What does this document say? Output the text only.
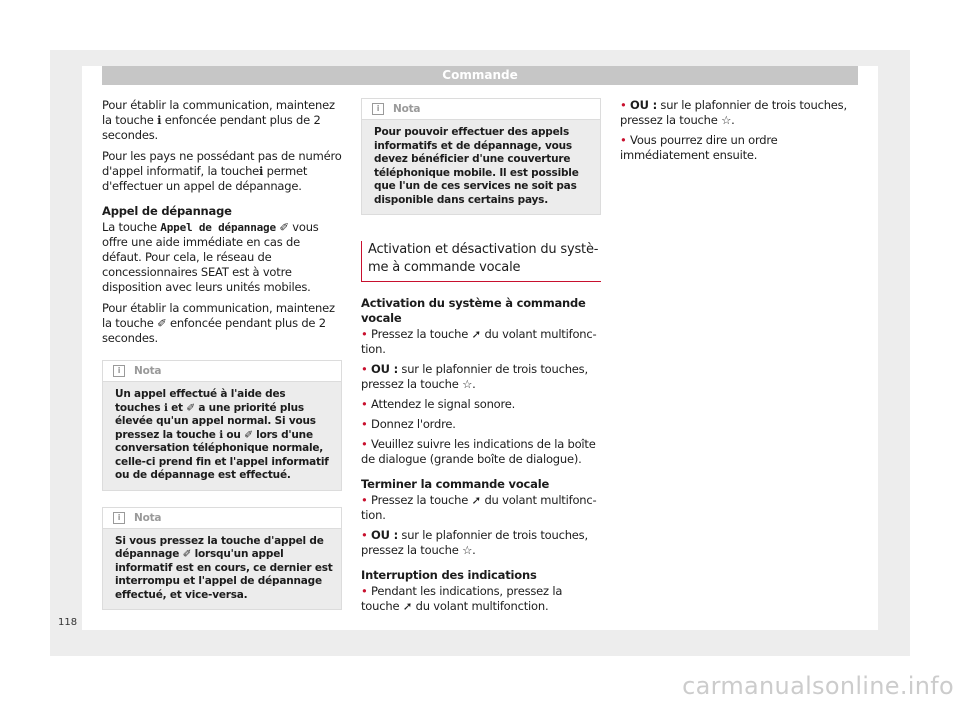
Commande

Pour établir la communication, maintenez la touche ℹ enfoncée pendant plus de 2 secondes.

Pour les pays ne possédant pas de numéro d'appel informatif, la toucheℹ permet d'effectuer un appel de dépannage.

Appel de dépannage

La touche Appel de dépannage ✐ vous offre une aide immédiate en cas de défaut. Pour cela, le réseau de concessionnaires SEAT est à votre disposition avec leurs unités mobiles.

Pour établir la communication, maintenez la touche ✐ enfoncée pendant plus de 2 secondes.

i Nota
Un appel effectué à l'aide des touches ℹ et ✐ a une priorité plus élevée qu'un appel normal. Si vous pressez la touche ℹ ou ✐ lors d'une conversation téléphonique normale, celle-ci prend fin et l'appel informatif ou de dépannage est effectué.
i Nota
Si vous pressez la touche d'appel de dépannage ✐ lorsqu'un appel informatif est en cours, ce dernier est interrompu et l'appel de dépannage effectué, et vice-versa.
i Nota
Pour pouvoir effectuer des appels informatifs et de dépannage, vous devez bénéficier d'une couverture téléphonique mobile. Il est possible que l'un de ces services ne soit pas disponible dans certains pays.
Activation et désactivation du système à commande vocale

Activation du système à commande vocale

• Pressez la touche ➚ du volant multifonction.

• OU : sur le plafonnier de trois touches, pressez la touche ☆.

• Attendez le signal sonore.

• Donnez l'ordre.

• Veuillez suivre les indications de la boîte de dialogue (grande boîte de dialogue).

Terminer la commande vocale

• Pressez la touche ➚ du volant multifonction.

• OU : sur le plafonnier de trois touches, pressez la touche ☆.

Interruption des indications

• Pendant les indications, pressez la touche ➚ du volant multifonction.

• OU : sur le plafonnier de trois touches, pressez la touche ☆.

• Vous pourrez dire un ordre immédiatement ensuite.

118
carmanualsonline.info
